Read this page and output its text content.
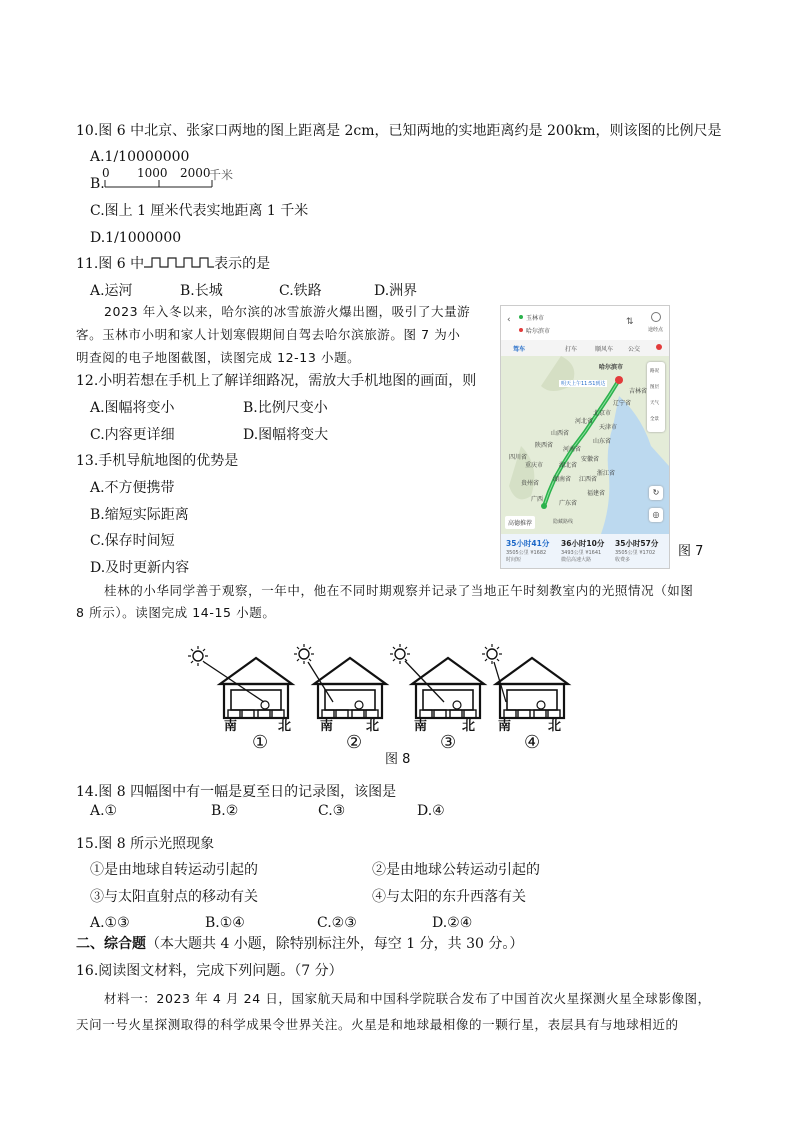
10.图 6 中北京、张家口两地的图上距离是 2cm，已知两地的实地距离约是 200km，则该图的比例尺是
A.1/10000000
B.
0 1000 2000
千米
C.图上 1 厘米代表实地距离 1 千米
D.1/1000000
11.图 6 中	表示的是
A.运河	B.长城	C.铁路	D.洲界
2023 年入冬以来，哈尔滨的冰雪旅游火爆出圈，吸引了大量游
客。玉林市小明和家人计划寒假期间自驾去哈尔滨旅游。图 7 为小
明查阅的电子地图截图，读图完成 12-13 小题。
12.小明若想在手机上了解详细路况，需放大手机地图的画面，则
A.图幅将变小	B.比例尺变小
C.内容更详细	D.图幅将变大
13.手机导航地图的优势是
A.不方便携带
B.缩短实际距离
C.保存时间短
D.及时更新内容
‹	玉林市
哈尔滨市
⇅
途经点
驾车	打车	顺风车 公交
哈尔滨市
明天上午11:51到达
北京市
天津市
河北省
山西省
河南省
湖北省
湖南省
广西
广东省
贵州省
重庆市
四川省
陕西省
安徽省
江西省
浙江省
辽宁省
吉林省
山东省
福建省
路况
图层
天气
全景
↻
◎
高德推荐	隐藏路线
35小时41分
3505公里 ¥1682
时间短
36小时10分
3493公里 ¥1641
微信高速大路
35小时57分
3505公里 ¥1702
收费多
图 7
桂林的小华同学善于观察，一年中，他在不同时期观察并记录了当地正午时刻教室内的光照情况（如图
8 所示）。读图完成 14-15 小题。
南	北
①
南	北
②
南	北
③
南	北
④
图 8
14.图 8 四幅图中有一幅是夏至日的记录图，该图是
A.①	B.②	C.③	D.④
15.图 8 所示光照现象
①是由地球自转运动引起的	②是由地球公转运动引起的
③与太阳直射点的移动有关	④与太阳的东升西落有关
A.①③	B.①④	C.②③	D.②④
二、综合题（本大题共 4 小题，除特别标注外，每空 1 分，共 30 分。）
16.阅读图文材料，完成下列问题。（7 分）
材料一：2023 年 4 月 24 日，国家航天局和中国科学院联合发布了中国首次火星探测火星全球影像图，
天问一号火星探测取得的科学成果令世界关注。火星是和地球最相像的一颗行星，表层具有与地球相近的
